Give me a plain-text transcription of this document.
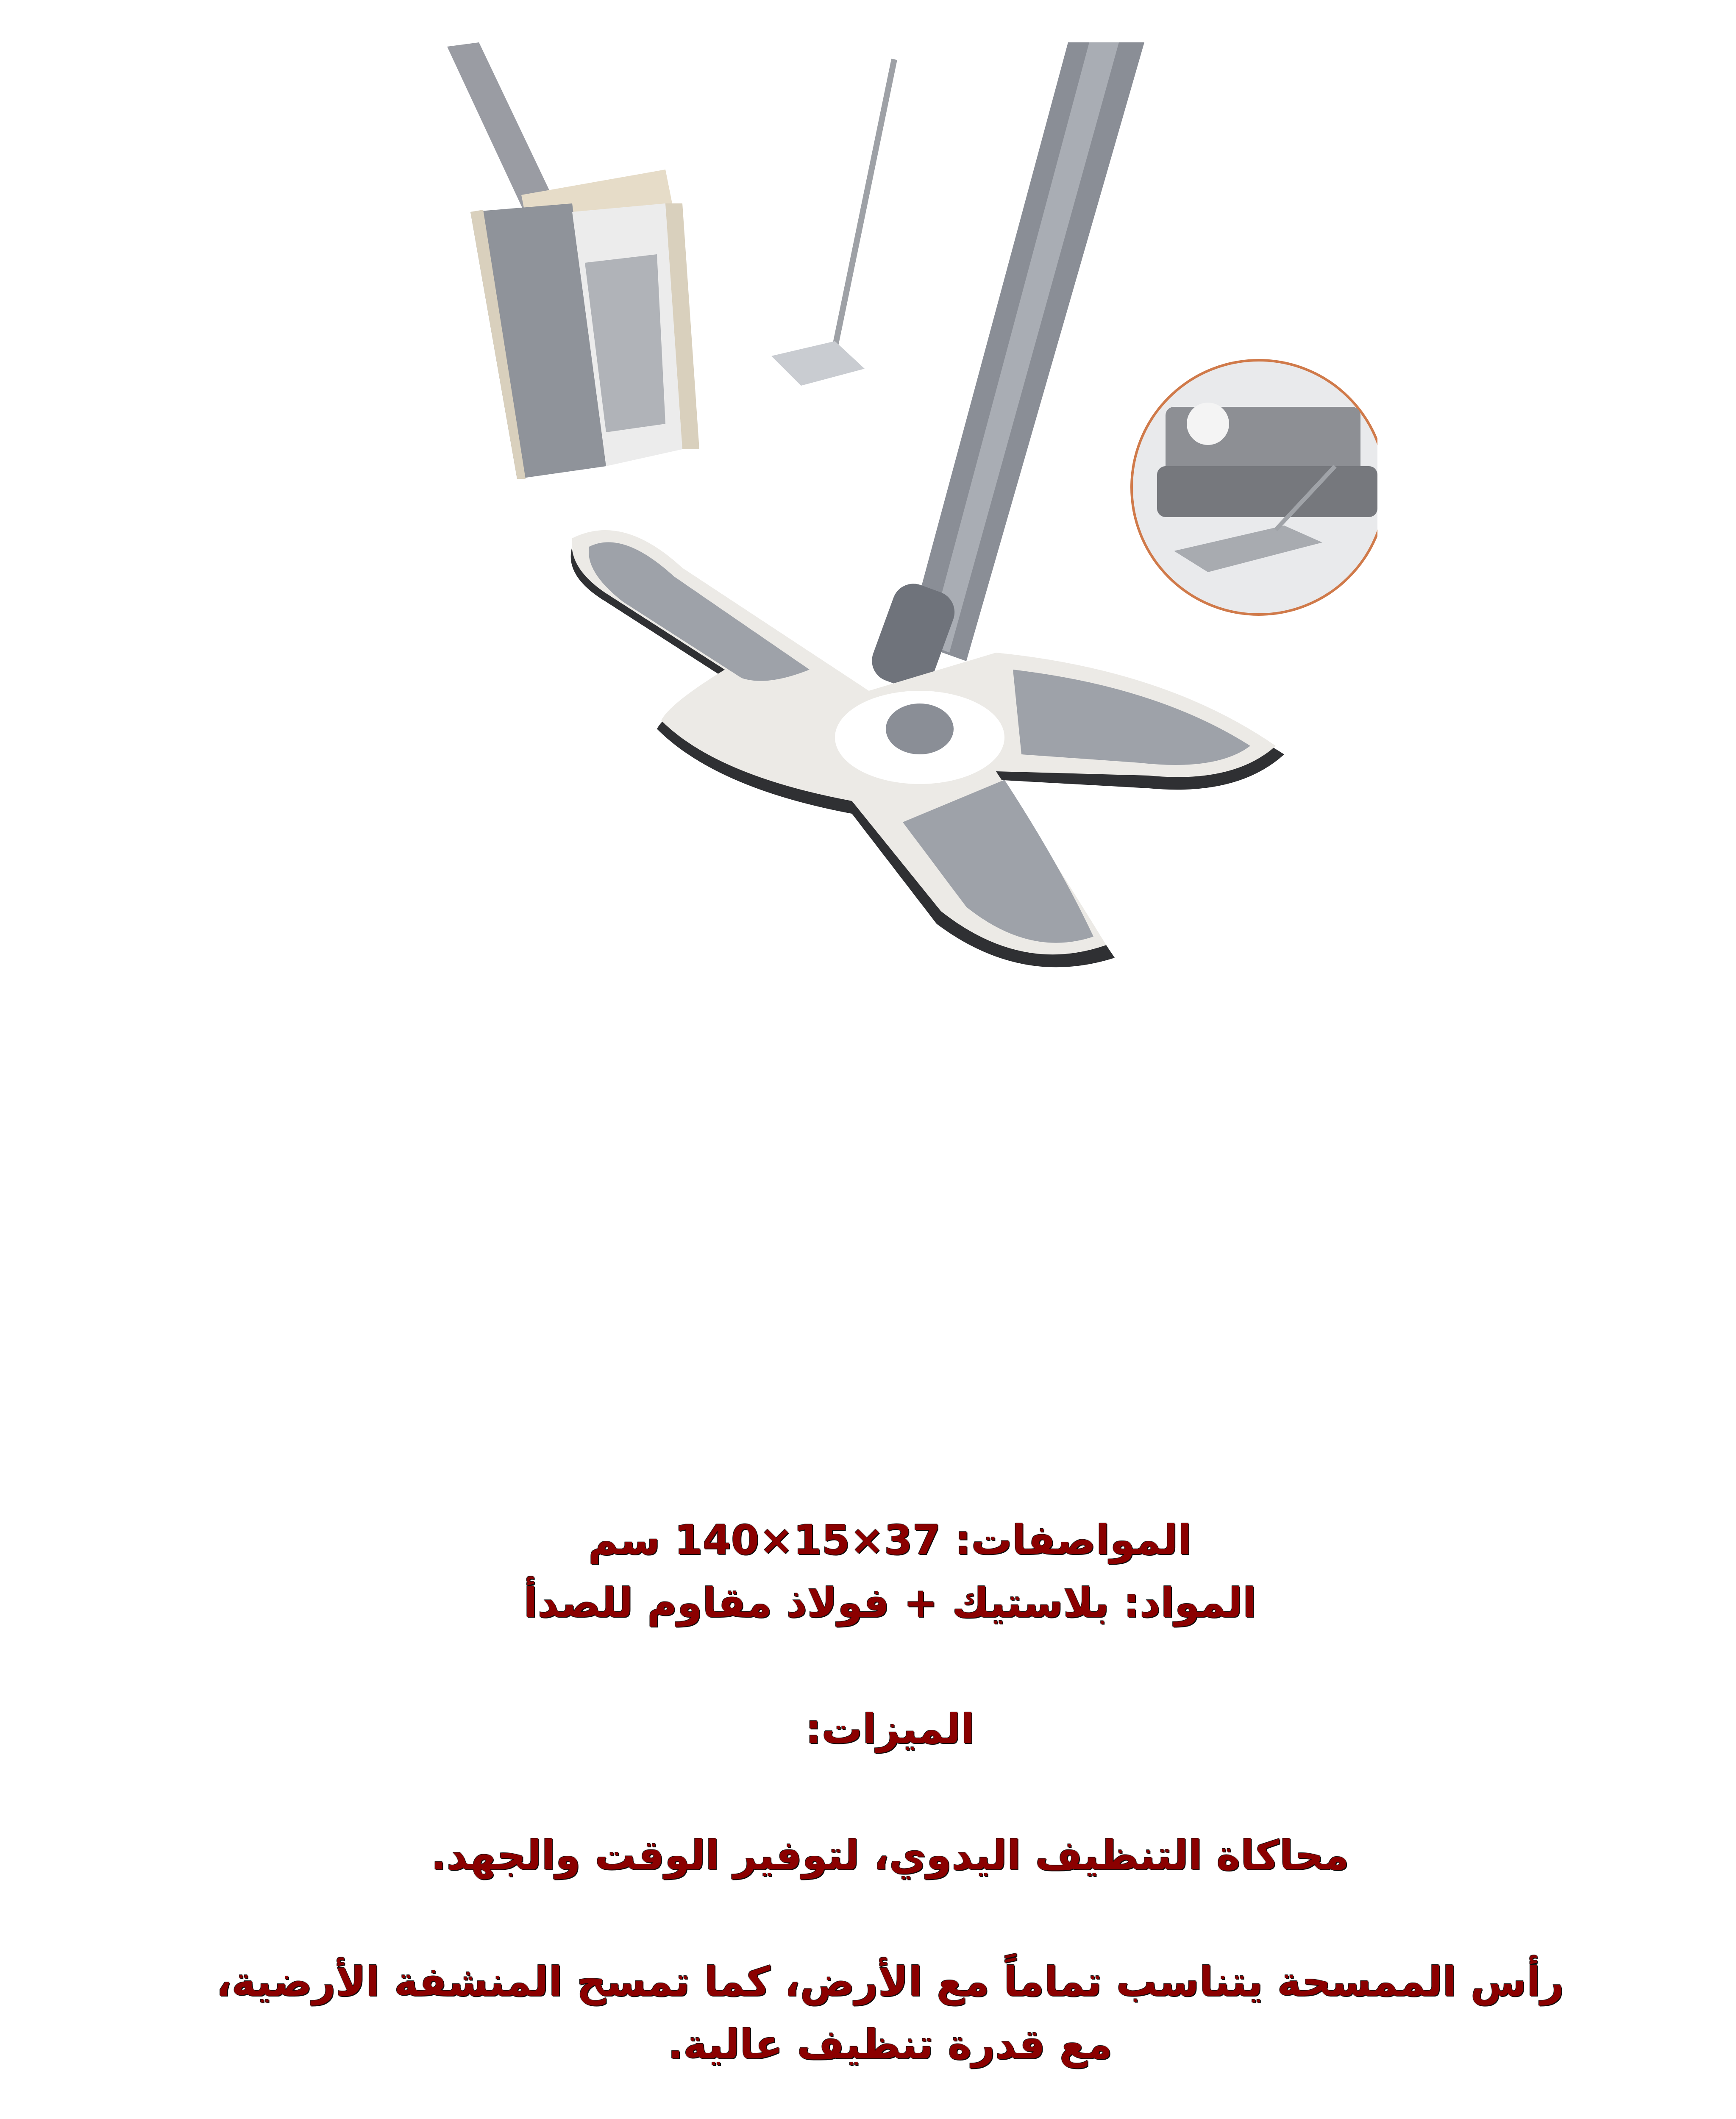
المواصفات: 37×15×140 سم
المواد: بلاستيك + فولاذ مقاوم للصدأ
الميزات:
محاكاة التنظيف اليدوي، لتوفير الوقت والجهد.
رأس الممسحة يتناسب تماماً مع الأرض، كما تمسح المنشفة الأرضية، مع قدرة تنظيف عالية.
